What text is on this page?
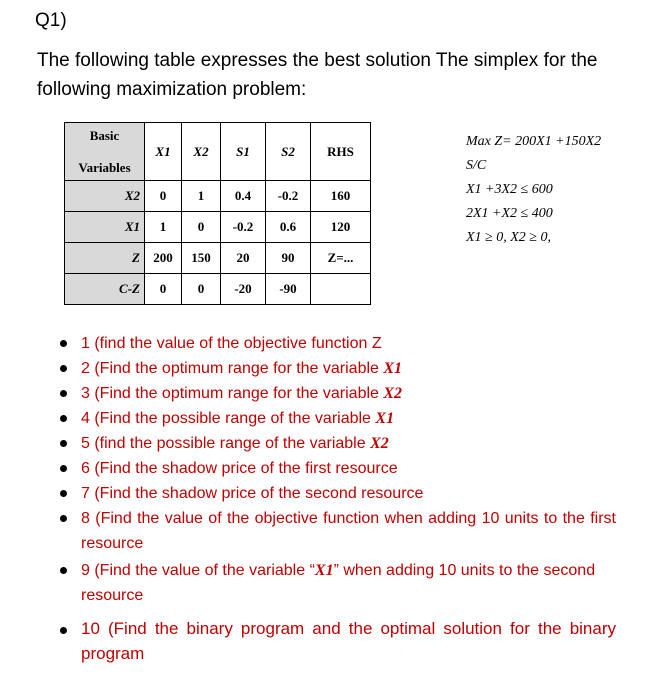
Q1)
The following table expresses the best solution The simplex for the following maximization problem:
Basic
Variables	X1	X2	S1	S2	RHS
X2	0	1	0.4	-0.2	160
X1	1	0	-0.2	0.6	120
Z	200	150	20	90	Z=...
C-Z	0	0	-20	-90	
Max Z= 200X1 +150X2
S/C
X1 +3X2 ≤ 600
2X1 +X2 ≤ 400
X1 ≥ 0, X2 ≥ 0,
1 (find the value of the objective function Z
2 (Find the optimum range for the variable X1
3 (Find the optimum range for the variable X2
4 (Find the possible range of the variable X1
5 (find the possible range of the variable X2
6 (Find the shadow price of the first resource
7 (Find the shadow price of the second resource
8 (Find the value of the objective function when adding 10 units to the first resource
9 (Find the value of the variable “X1” when adding 10 units to the second resource
10 (Find the binary program and the optimal solution for the binary program
